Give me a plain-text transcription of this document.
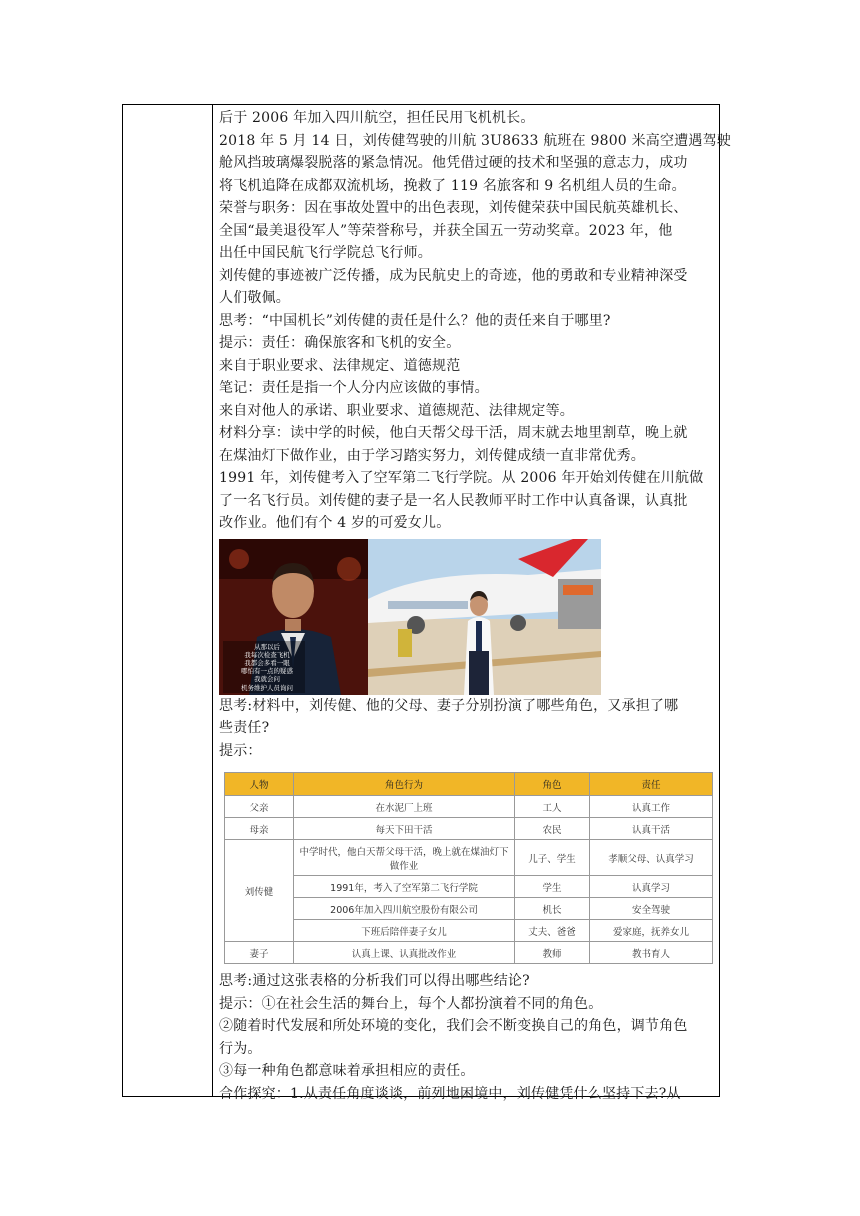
后于 2006 年加入四川航空，担任民用飞机机长。
2018 年 5 月 14 日，刘传健驾驶的川航 3U8633 航班在 9800 米高空遭遇驾驶
舱风挡玻璃爆裂脱落的紧急情况。他凭借过硬的技术和坚强的意志力，成功
将飞机追降在成都双流机场，挽救了 119 名旅客和 9 名机组人员的生命。
荣誉与职务：因在事故处置中的出色表现，刘传健荣获中国民航英雄机长、
全国“最美退役军人”等荣誉称号，并获全国五一劳动奖章。2023 年，他
出任中国民航飞行学院总飞行师。
刘传健的事迹被广泛传播，成为民航史上的奇迹，他的勇敢和专业精神深受
人们敬佩。
思考：“中国机长”刘传健的责任是什么？他的责任来自于哪里?
提示：责任：确保旅客和飞机的安全。
来自于职业要求、法律规定、道德规范
笔记：责任是指一个人分内应该做的事情。
来自对他人的承诺、职业要求、道德规范、法律规定等。
材料分享：读中学的时候，他白天帮父母干活，周末就去地里割草，晚上就
在煤油灯下做作业，由于学习踏实努力，刘传健成绩一直非常优秀。
1991 年，刘传健考入了空军第二飞行学院。从 2006 年开始刘传健在川航做
了一名飞行员。刘传健的妻子是一名人民教师平时工作中认真备课，认真批
改作业。他们有个 4 岁的可爱女儿。
从那以后
我每次检查飞机
我都会多看一眼
哪怕有一点的疑惑
我就会问
机务维护人员询问
思考:材料中，刘传健、他的父母、妻子分别扮演了哪些角色，又承担了哪
些责任?
提示：
人物	角色行为	角色	责任
父亲	在水泥厂上班	工人	认真工作
母亲	每天下田干活	农民	认真干活
刘传健	中学时代，他白天帮父母干活，晚上就在煤油灯下做作业	儿子、学生	孝顺父母、认真学习
	1991年，考入了空军第二飞行学院	学生	认真学习
	2006年加入四川航空股份有限公司	机长	安全驾驶
	下班后陪伴妻子女儿	丈夫、爸爸	爱家庭，抚养女儿
妻子	认真上课、认真批改作业	教师	教书育人
思考:通过这张表格的分析我们可以得出哪些结论?
提示：①在社会生活的舞台上，每个人都扮演着不同的角色。
②随着时代发展和所处环境的变化，我们会不断变换自己的角色，调节角色
行为。
③每一种角色都意味着承担相应的责任。
合作探究：1.从责任角度谈谈，前列地困境中，刘传健凭什么坚持下去?从
